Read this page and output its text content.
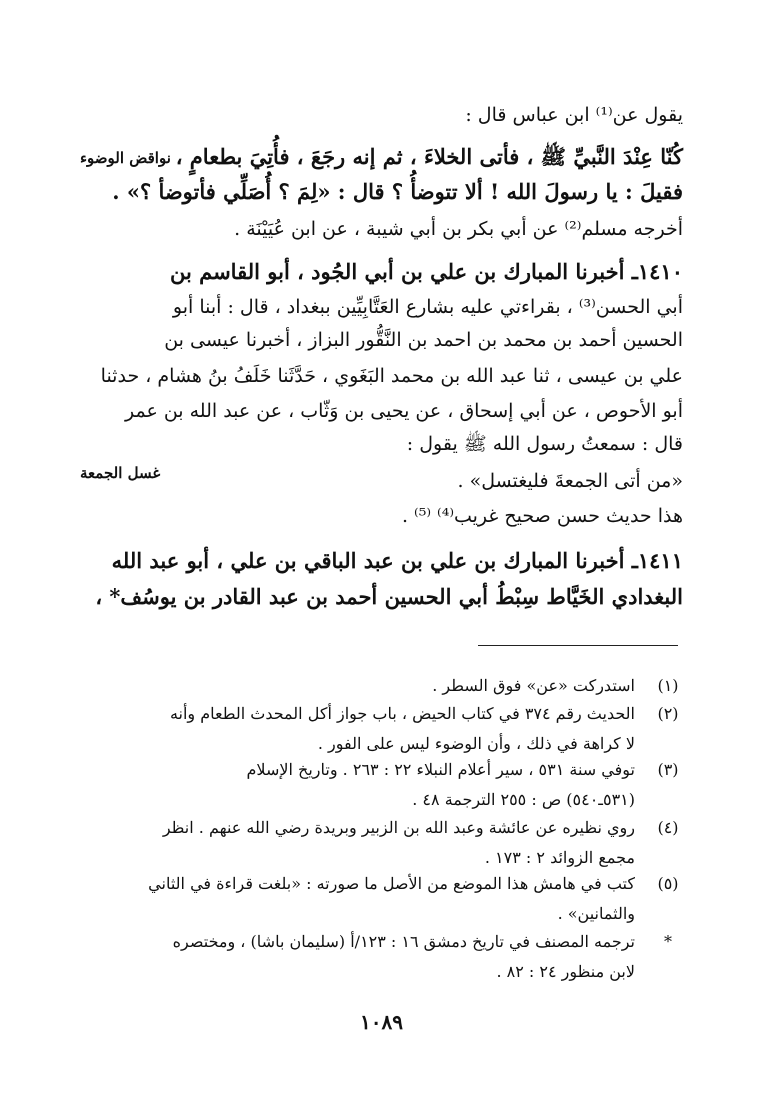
يقول عن⁽¹⁾ ابن عباس قال :
كُنّا عِنْدَ النَّبيِّ ﷺ ، فأتى الخلاءَ ، ثم إنه رجَعَ ، فأُتِيَ بطعامٍ ،
فقيلَ : يا رسولَ الله ! ألا تتوضأُ ؟ قال : «لِمَ ؟ أُصَلِّي فأتوضأ ؟» .
أخرجه مسلم⁽²⁾ عن أبي بكر بن أبي شيبة ، عن ابن عُيَيْنَة .
١٤١٠ـ أخبرنا المبارك بن علي بن أبي الجُود ، أبو القاسم بن
أبي الحسن⁽³⁾ ، بقراءتي عليه بشارع العَتَّابِيِّين ببغداد ، قال : أبنا أبو
الحسين أحمد بن محمد بن احمد بن النَّقُّور البزاز ، أخبرنا عيسى بن
علي بن عيسى ، ثنا عبد الله بن محمد البَغَوي ، حَدَّثَنا خَلَفُ بنُ هشام ، حدثنا
أبو الأحوص ، عن أبي إسحاق ، عن يحيى بن وَثّاب ، عن عبد الله بن عمر
قال : سمعتُ رسول الله ﷺ يقول :
«من أتى الجمعةَ فليغتسل» .
هذا حديث حسن صحيح غريب⁽⁴⁾ ⁽⁵⁾ .
١٤١١ـ أخبرنا المبارك بن علي بن عبد الباقي بن علي ، أبو عبد الله
البغدادي الخَيَّاط سِبْطُ أبي الحسين أحمد بن عبد القادر بن يوسُف* ،
نواقض الوضوء
غسل الجمعة
(١)
استدركت «عن» فوق السطر .
(٢)
الحديث رقم ٣٧٤ في كتاب الحيض ، باب جواز أكل المحدث الطعام وأنه
لا كراهة في ذلك ، وأن الوضوء ليس على الفور .
(٣)
توفي سنة ٥٣١ ، سير أعلام النبلاء ٢٢ : ٢٦٣ . وتاريخ الإسلام
(٥٣١ـ٥٤٠) ص : ٢٥٥ الترجمة ٤٨ .
(٤)
روي نظيره عن عائشة وعبد الله بن الزبير وبريدة رضي الله عنهم . انظر
مجمع الزوائد ٢ : ١٧٣ .
(٥)
كتب في هامش هذا الموضع من الأصل ما صورته : «بلغت قراءة في الثاني
والثمانين» .
*
ترجمه المصنف في تاريخ دمشق ١٦ : ١٢٣/أ (سليمان باشا) ، ومختصره
لابن منظور ٢٤ : ٨٢ .
١٠٨٩
